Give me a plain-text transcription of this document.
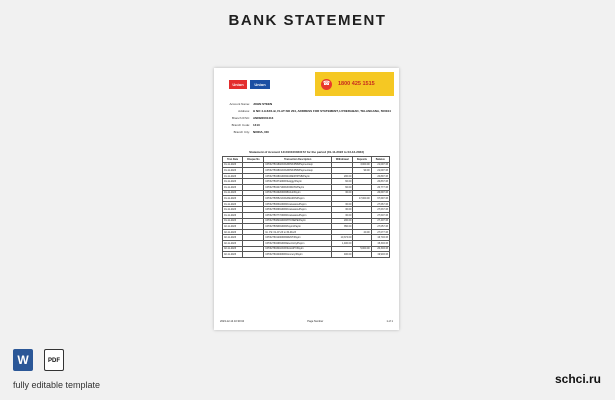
BANK STATEMENT
Union Bank
Union Bank
☎	1800 425 1515
Account Name:	JOHN STEEN
Address:	H NO 4-9-63/1-B, FLAT NO 204, ADDRESS FOR STATEMENT, HYDERABAD, TELANGANA, 500044
Branch IFSC:	ANDB0001413
Branch Code:	1413
Branch City:	NOIDA, NO
Statement of Account 141010100023172 for the period (01-11-2023 to 03-12-2023)
Tran Date	Cheque No	Transaction Description	Withdrawal	Deposits	Balance
01-11-2023		UPI/327501802/CR/ABHA/PNB/Paymentsup		3,000.00	21,097.33
01-11-2023		UPI/327502801/CR/ABHA/PNB/Paymentsup		99.00	21,097.33
01-11-2023		UPI/327502801/DR/RAMESH/PNB/Paytm	200.00		20,897.33
01-11-2023		UPI/327503742/DR/Swiggy/Paytm	60.00		20,837.33
01-11-2023		UPI/327504471/DR/ZOMATO/Paytm	60.00		20,777.33
01-11-2023		UPI/327504920/DR/Blinkit/Paytm	30.00		20,697.33
01-11-2023		UPI/327505521/CR/AMAZON/Paytm		47,000.00	67,697.33
01-11-2023		UPI/327506310/DR/Kiranastore/Paytm	30.00		27,667.33
01-11-2023		UPI/327506991/DR/Kiranastore/Paytm	30.00		27,637.33
01-11-2023		UPI/327507772/DR/Kiranastore/Paytm	30.00		27,607.33
01-11-2023		UPI/327508204/DR/PHONEPE/Paytm	200.00		27,407.33
02-11-2023		UPI/327509381/DR/Paytm/Paytm	350.00		27,057.33
02-11-2023		Int. Pd: 01-07-23 to 30-09-23		20.00	27,077.33
02-11-2023		UPI/327601200/DR/RENT/Paytm	10,374.00		16,703.33
02-11-2023		UPI/327602981/DR/Electricity/Paytm	1,400.00		15,303.33
02-11-2023		UPI/327603410/CR/SALARY/Paytm		5,000.00	20,303.33
02-11-2023		UPI/327604400/DR/Grocery/Paytm	400.00		19,903.33
2023-12-14 10:30:04	Page Number	1 of 1
W	PDF
fully editable template	schci.ru
